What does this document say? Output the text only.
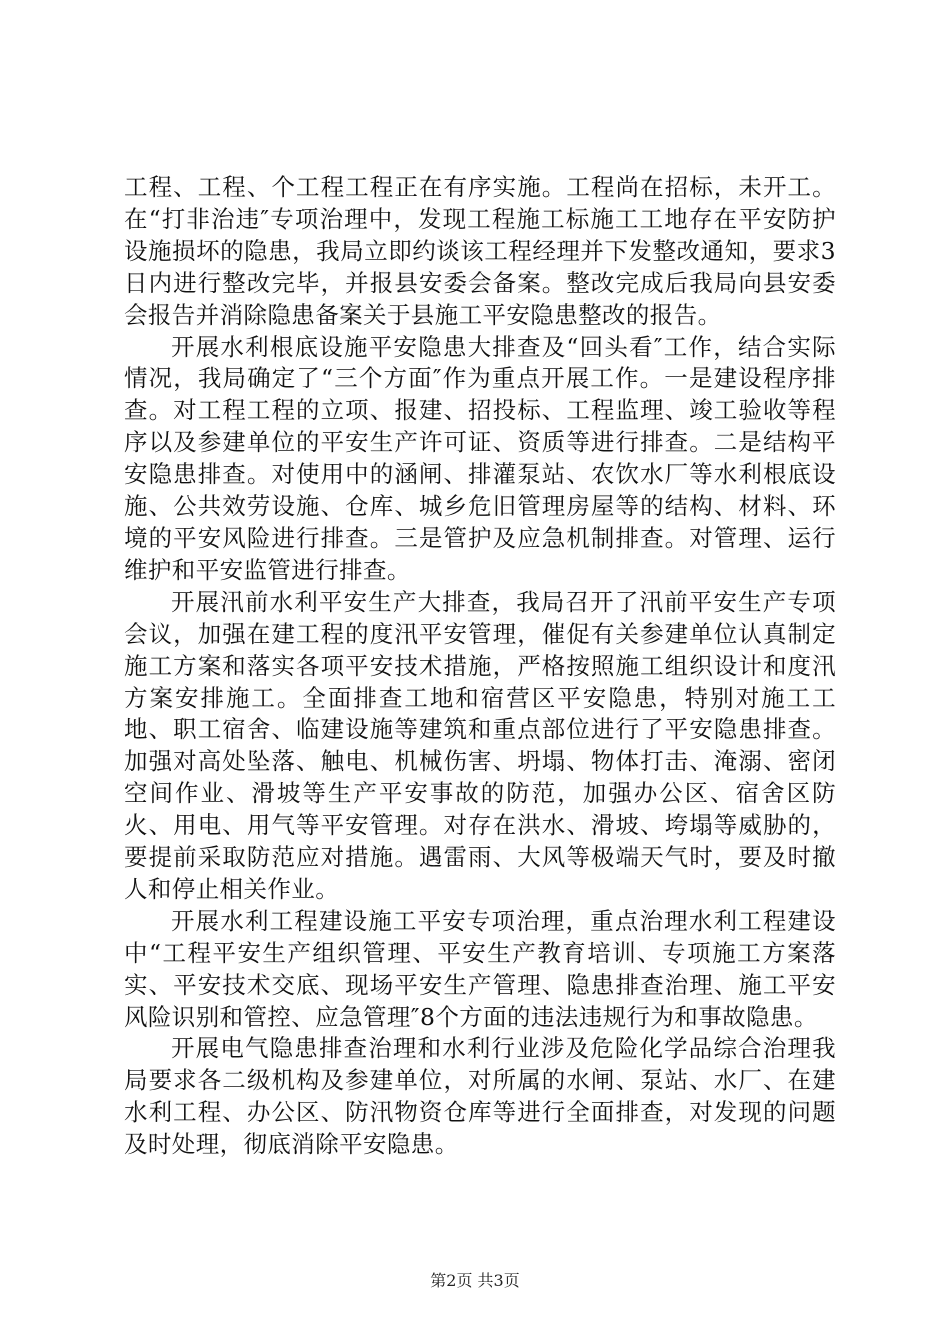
工程、工程、个工程工程正在有序实施。工程尚在招标，未开工。在“打非治违″专项治理中，发现工程施工标施工工地存在平安防护设施损坏的隐患，我局立即约谈该工程经理并下发整改通知，要求3日内进行整改完毕，并报县安委会备案。整改完成后我局向县安委会报告并消除隐患备案关于县施工平安隐患整改的报告。

开展水利根底设施平安隐患大排查及“回头看″工作，结合实际情况，我局确定了“三个方面″作为重点开展工作。一是建设程序排查。对工程工程的立项、报建、招投标、工程监理、竣工验收等程序以及参建单位的平安生产许可证、资质等进行排查。二是结构平安隐患排查。对使用中的涵闸、排灌泵站、农饮水厂等水利根底设施、公共效劳设施、仓库、城乡危旧管理房屋等的结构、材料、环境的平安风险进行排查。三是管护及应急机制排查。对管理、运行维护和平安监管进行排查。

开展汛前水利平安生产大排查，我局召开了汛前平安生产专项会议，加强在建工程的度汛平安管理，催促有关参建单位认真制定施工方案和落实各项平安技术措施，严格按照施工组织设计和度汛方案安排施工。全面排查工地和宿营区平安隐患，特别对施工工地、职工宿舍、临建设施等建筑和重点部位进行了平安隐患排查。加强对高处坠落、触电、机械伤害、坍塌、物体打击、淹溺、密闭空间作业、滑坡等生产平安事故的防范，加强办公区、宿舍区防火、用电、用气等平安管理。对存在洪水、滑坡、垮塌等威胁的，要提前采取防范应对措施。遇雷雨、大风等极端天气时，要及时撤人和停止相关作业。

开展水利工程建设施工平安专项治理，重点治理水利工程建设中“工程平安生产组织管理、平安生产教育培训、专项施工方案落实、平安技术交底、现场平安生产管理、隐患排查治理、施工平安风险识别和管控、应急管理″8个方面的违法违规行为和事故隐患。

开展电气隐患排查治理和水利行业涉及危险化学品综合治理我局要求各二级机构及参建单位，对所属的水闸、泵站、水厂、在建水利工程、办公区、防汛物资仓库等进行全面排查，对发现的问题及时处理，彻底消除平安隐患。

第2页 共3页
